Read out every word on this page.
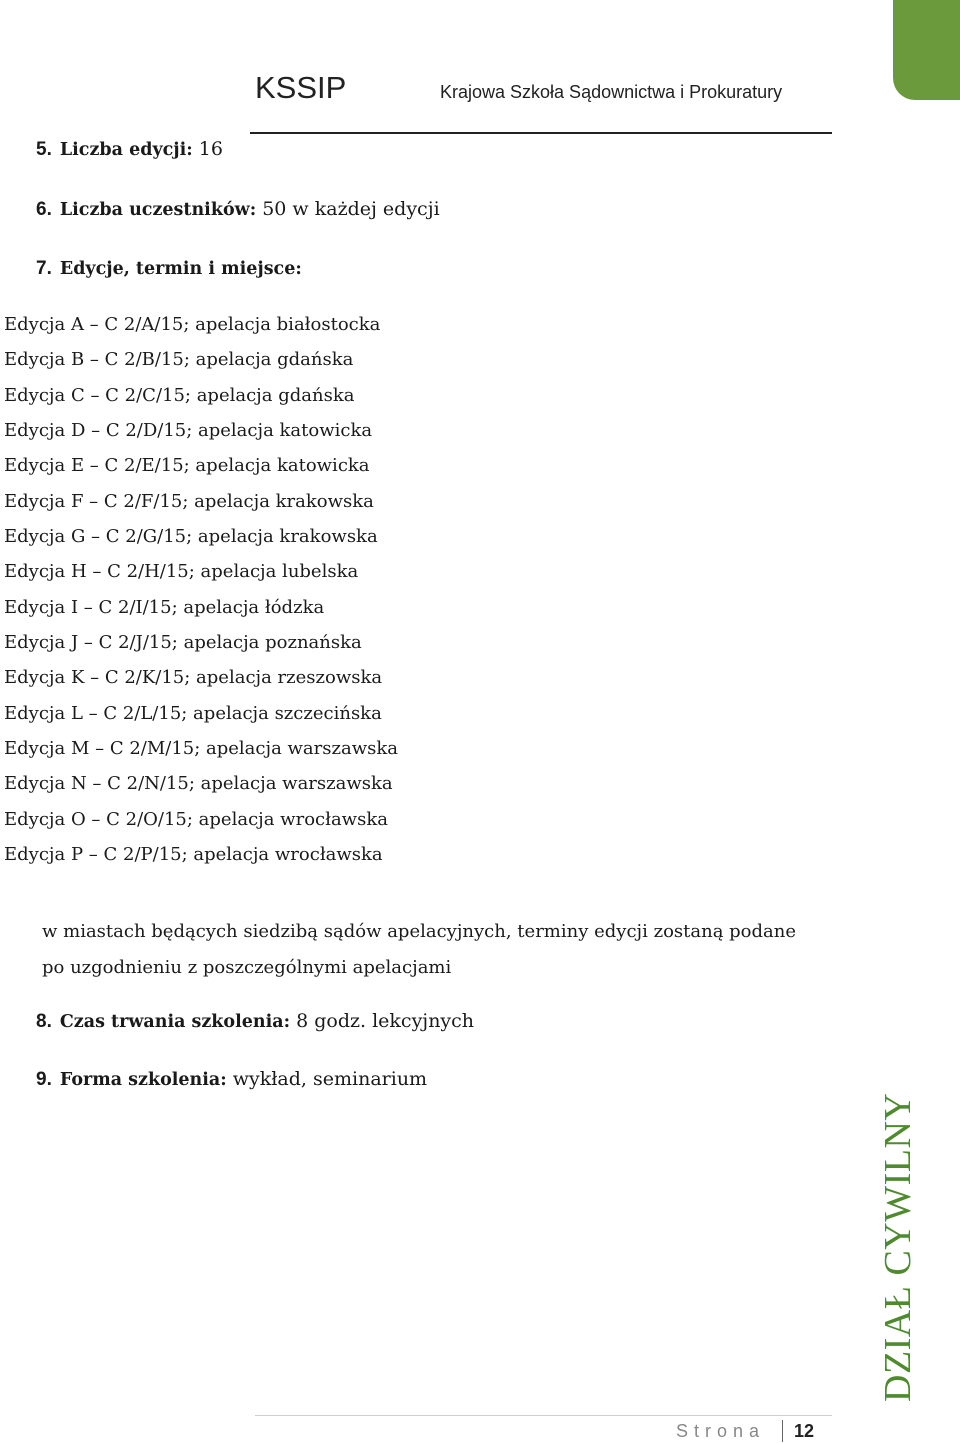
KSSIP	Krajowa Szkoła Sądownictwa i Prokuratury
5. Liczba edycji: 16
6. Liczba uczestników: 50 w każdej edycji
7. Edycje, termin i miejsce:
Edycja A – C 2/A/15; apelacja białostocka
Edycja B – C 2/B/15; apelacja gdańska
Edycja C – C 2/C/15; apelacja gdańska
Edycja D – C 2/D/15; apelacja katowicka
Edycja E – C 2/E/15; apelacja katowicka
Edycja F – C 2/F/15; apelacja krakowska
Edycja G – C 2/G/15; apelacja krakowska
Edycja H – C 2/H/15; apelacja lubelska
Edycja I – C 2/I/15; apelacja łódzka
Edycja J – C 2/J/15; apelacja poznańska
Edycja K – C 2/K/15; apelacja rzeszowska
Edycja L – C 2/L/15; apelacja szczecińska
Edycja M – C 2/M/15; apelacja warszawska
Edycja N – C 2/N/15; apelacja warszawska
Edycja O – C 2/O/15; apelacja wrocławska
Edycja P – C 2/P/15; apelacja wrocławska
w miastach będących siedzibą sądów apelacyjnych, terminy edycji zostaną podane po uzgodnieniu z poszczególnymi apelacjami
8. Czas trwania szkolenia: 8 godz. lekcyjnych
9. Forma szkolenia: wykład, seminarium
DZIAŁ CYWILNY
Strona 12
